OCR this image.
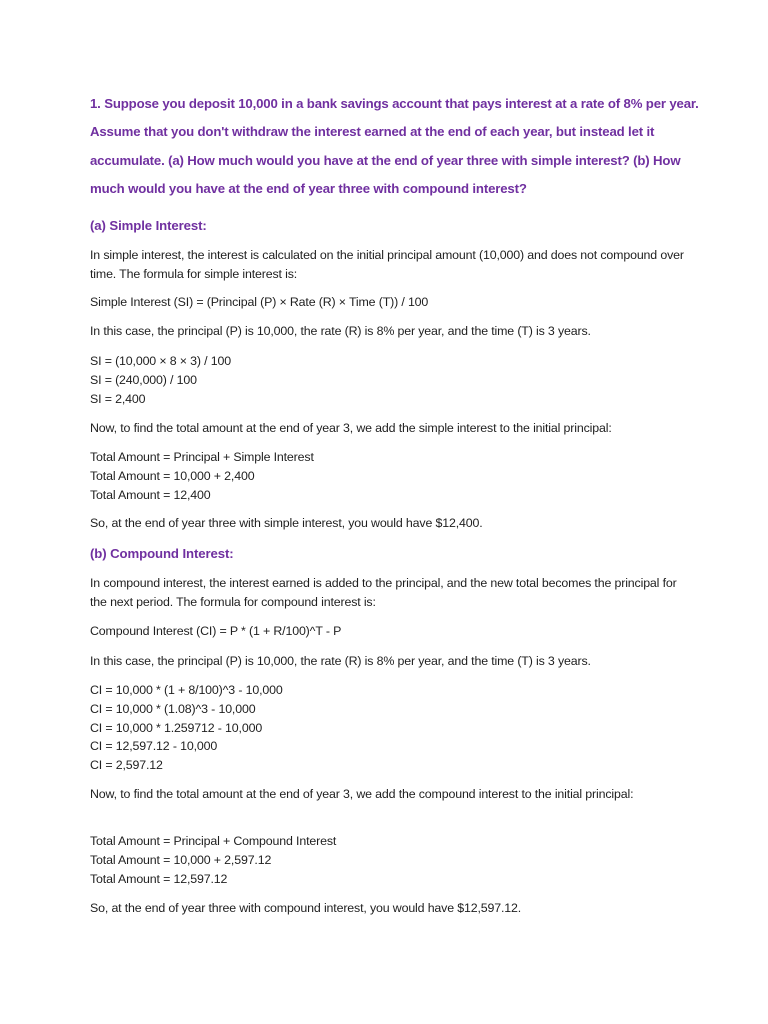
1. Suppose you deposit 10,000 in a bank savings account that pays interest at a rate of 8% per year. Assume that you don't withdraw the interest earned at the end of each year, but instead let it accumulate. (a) How much would you have at the end of year three with simple interest? (b) How much would you have at the end of year three with compound interest?
(a) Simple Interest:
In simple interest, the interest is calculated on the initial principal amount (10,000) and does not compound over time. The formula for simple interest is:
Simple Interest (SI) = (Principal (P) × Rate (R) × Time (T)) / 100
In this case, the principal (P) is 10,000, the rate (R) is 8% per year, and the time (T) is 3 years.
SI = (10,000 × 8 × 3) / 100
SI = (240,000) / 100
SI = 2,400
Now, to find the total amount at the end of year 3, we add the simple interest to the initial principal:
Total Amount = Principal + Simple Interest
Total Amount = 10,000 + 2,400
Total Amount = 12,400
So, at the end of year three with simple interest, you would have $12,400.
(b) Compound Interest:
In compound interest, the interest earned is added to the principal, and the new total becomes the principal for the next period. The formula for compound interest is:
Compound Interest (CI) = P * (1 + R/100)^T - P
In this case, the principal (P) is 10,000, the rate (R) is 8% per year, and the time (T) is 3 years.
CI = 10,000 * (1 + 8/100)^3 - 10,000
CI = 10,000 * (1.08)^3 - 10,000
CI = 10,000 * 1.259712 - 10,000
CI = 12,597.12 - 10,000
CI = 2,597.12
Now, to find the total amount at the end of year 3, we add the compound interest to the initial principal:
Total Amount = Principal + Compound Interest
Total Amount = 10,000 + 2,597.12
Total Amount = 12,597.12
So, at the end of year three with compound interest, you would have $12,597.12.
